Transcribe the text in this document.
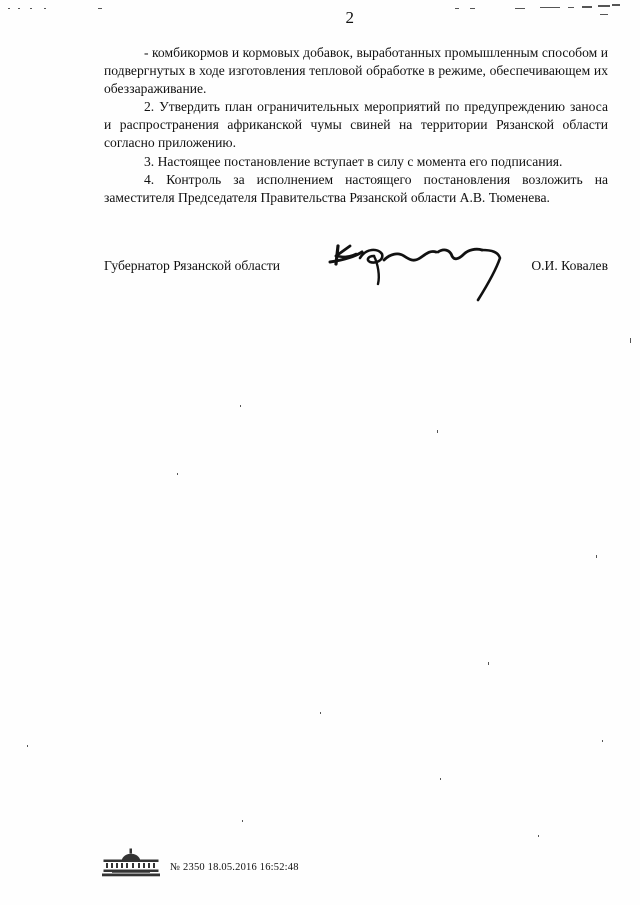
2

- комбикормов и кормовых добавок, выработанных промышленным способом и подвергнутых в ходе изготовления тепловой обработке в режиме, обеспечивающем их обеззараживание.

2. Утвердить план ограничительных мероприятий по предупреждению заноса и распространения африканской чумы свиней на территории Рязанской области согласно приложению.

3. Настоящее постановление вступает в силу с момента его подписания.

4. Контроль за исполнением настоящего постановления возложить на заместителя Председателя Правительства Рязанской области А.В. Тюменева.

Губернатор Рязанской области	О.И. Ковалев
№ 2350 18.05.2016 16:52:48
